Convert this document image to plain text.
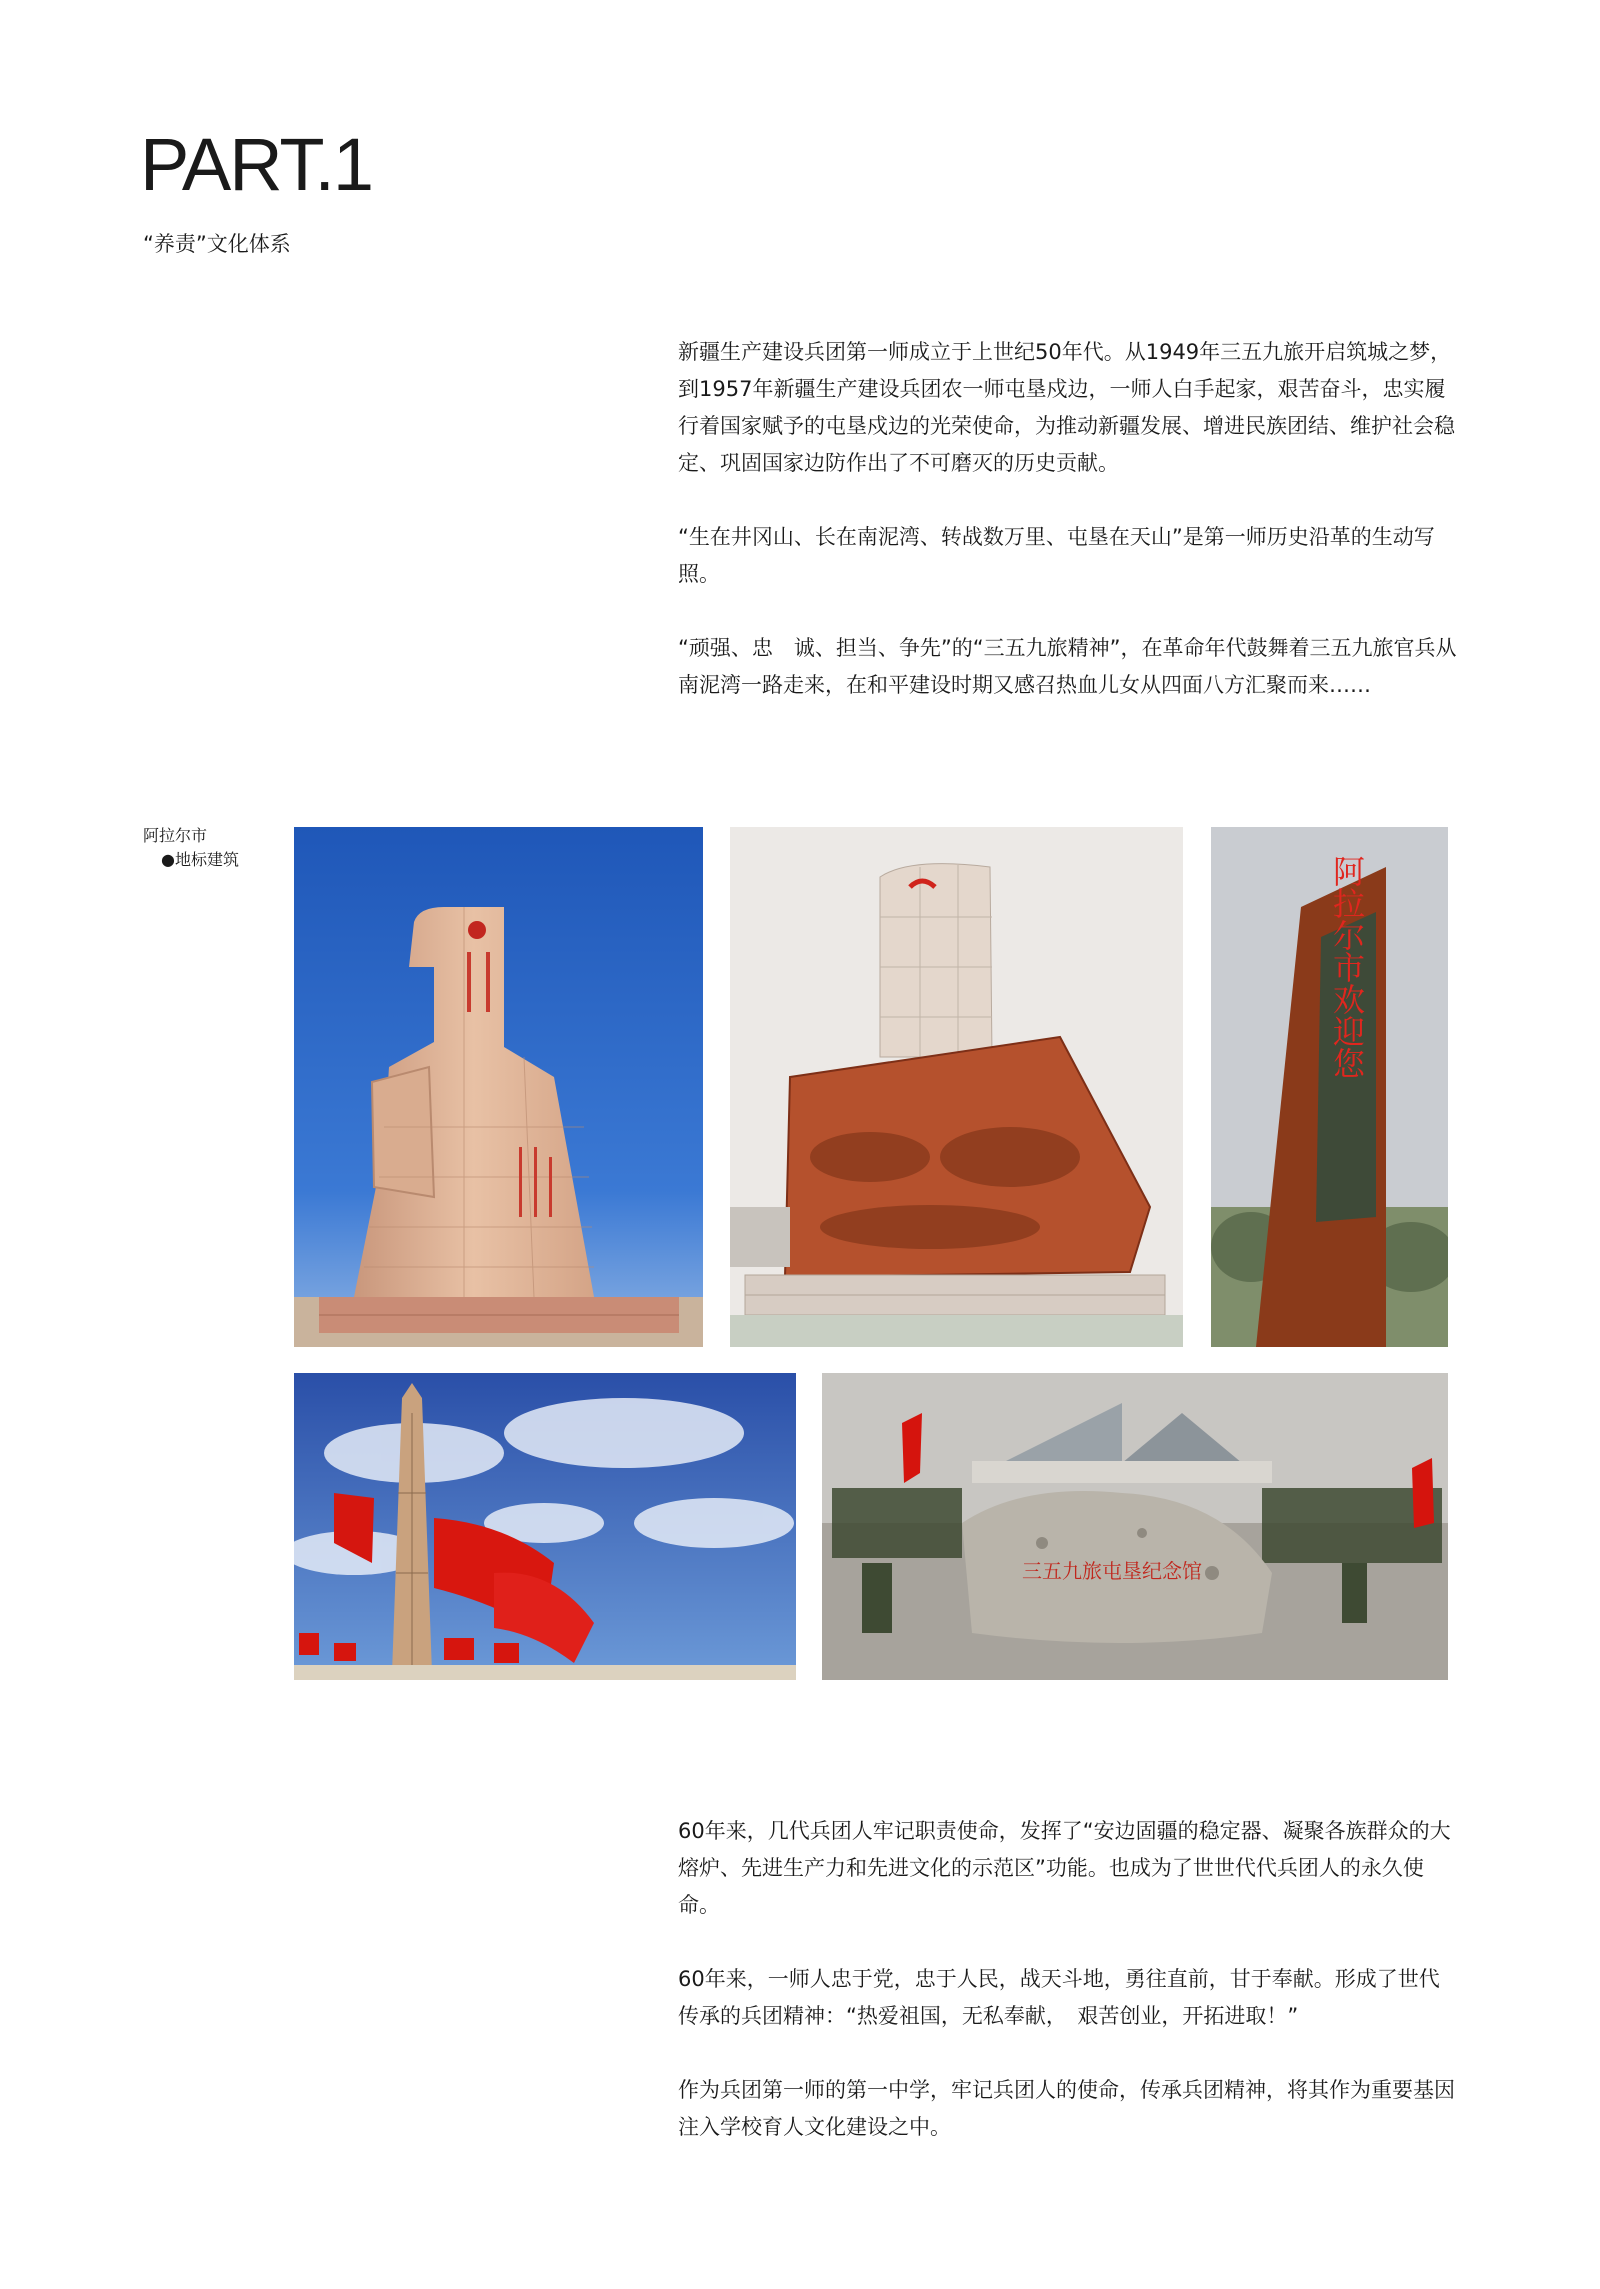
PART.1

“养责”文化体系

新疆生产建设兵团第一师成立于上世纪50年代。从1949年三五九旅开启筑城之梦，到1957年新疆生产建设兵团农一师屯垦戍边，一师人白手起家，艰苦奋斗，忠实履行着国家赋予的屯垦戍边的光荣使命，为推动新疆发展、增进民族团结、维护社会稳定、巩固国家边防作出了不可磨灭的历史贡献。

“生在井冈山、长在南泥湾、转战数万里、屯垦在天山”是第一师历史沿革的生动写照。

“顽强、忠　诚、担当、争先”的“三五九旅精神”，在革命年代鼓舞着三五九旅官兵从南泥湾一路走来，在和平建设时期又感召热血儿女从四面八方汇聚而来……

阿拉尔市
●地标建筑	阿拉尔市欢迎您
三五九旅屯垦纪念馆

60年来，几代兵团人牢记职责使命，发挥了“安边固疆的稳定器、凝聚各族群众的大熔炉、先进生产力和先进文化的示范区”功能。也成为了世世代代兵团人的永久使命。

60年来，一师人忠于党，忠于人民，战天斗地，勇往直前，甘于奉献。形成了世代传承的兵团精神：“热爱祖国，无私奉献，　艰苦创业，开拓进取！”

作为兵团第一师的第一中学，牢记兵团人的使命，传承兵团精神，将其作为重要基因注入学校育人文化建设之中。
